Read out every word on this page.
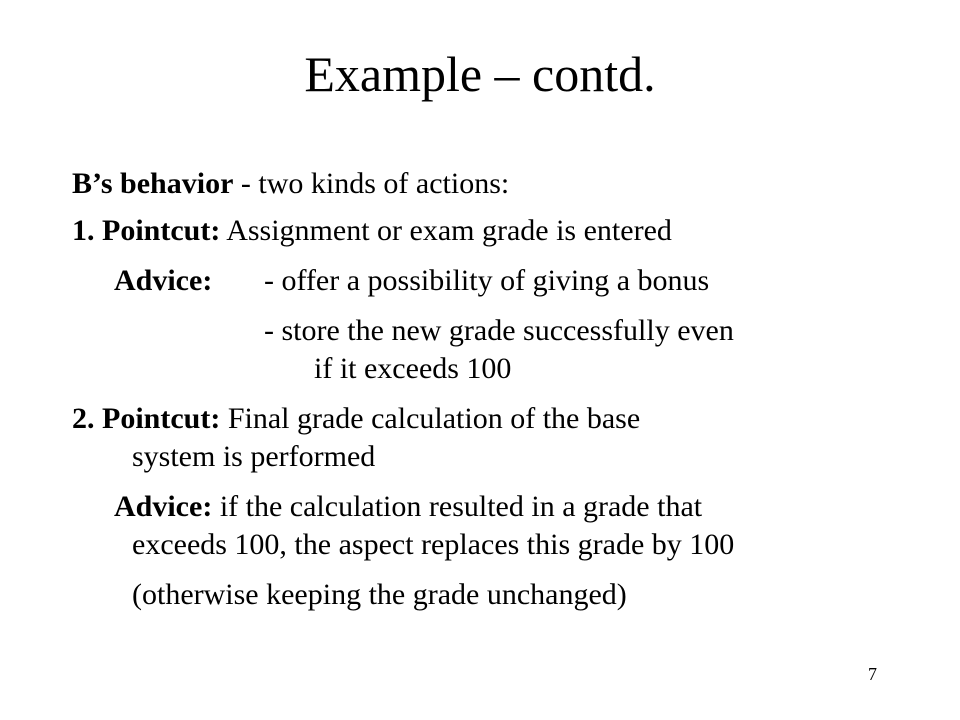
Example – contd.
B’s behavior - two kinds of actions:
1. Pointcut: Assignment or exam grade is entered
Advice: - offer a possibility of giving a bonus
- store the new grade successfully even
if it exceeds 100
2. Pointcut: Final grade calculation of the base
system is performed
Advice: if the calculation resulted in a grade that
exceeds 100, the aspect replaces this grade by 100
(otherwise keeping the grade unchanged)
7
